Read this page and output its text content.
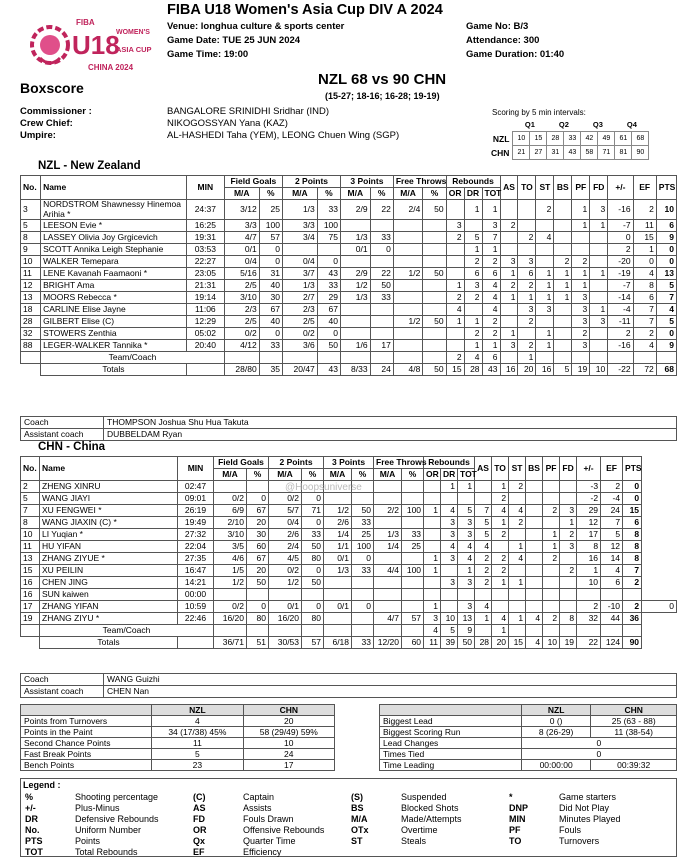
FIBA
U18
WOMEN'S
ASIA CUP
CHINA 2024
FIBA U18 Women's Asia Cup DIV A 2024
Venue: longhua culture & sports center
Game Date: TUE 25 JUN 2024
Game Time: 19:00
Game No: B/3
Attendance: 300
Game Duration: 01:40
NZL 68 vs 90 CHN
(15-27; 18-16; 16-28; 19-19)
Boxscore
Commissioner :	BANGALORE SRINIDHI Sridhar (IND)
Crew Chief:	NIKOGOSSYAN Yana (KAZ)
Umpire:	AL-HASHEDI Taha (YEM), LEONG Chuen Wing (SGP)
Scoring by 5 min intervals:
	Q1		Q2		Q3		Q4	
NZL	10	15	28	33	42	49	61	68
CHN	21	27	31	43	58	71	81	90
NZL - New Zealand
No.	Name	MIN	Field Goals		2 Points		3 Points		Free Throws		Rebounds			AS	TO	ST	BS	PF	FD	+/-	EF	PTS
			M/A	%	M/A	%	M/A	%	M/A	%	OR	DR	TOT									
3	NORDSTROM Shawnessy Hinemoa Arihia *	24:37	3/12	25	1/3	33	2/9	22	2/4	50		1	1			2		1	3	-16	2	10
5	LEESON Evie *	16:25	3/3	100	3/3	100					3		3	2				1	1	-7	11	6
8	LASSEY Olivia Joy Grgicevich	19:31	4/7	57	3/4	75	1/3	33			2	5	7		2	4				0	15	9
9	SCOTT Annika Leigh Stephanie	03:53	0/1	0			0/1	0				1	1							2	1	0
10	WALKER Temepara	22:27	0/4	0	0/4	0						2	2	3	3		2	2		-20	0	0
11	LENE Kavanah Faamaoni *	23:05	5/16	31	3/7	43	2/9	22	1/2	50		6	6	1	6	1	1	1	1	-19	4	13
12	BRIGHT Ama	21:31	2/5	40	1/3	33	1/2	50			1	3	4	2	2	1	1	1		-7	8	5
13	MOORS Rebecca *	19:14	3/10	30	2/7	29	1/3	33			2	2	4	1	1	1	1	3		-14	6	7
18	CARLINE Elise Jayne	11:06	2/3	67	2/3	67					4		4		3	3		3	1	-4	7	4
28	GILBERT Elise (C)	12:29	2/5	40	2/5	40			1/2	50	1	1	2		2			3	3	-11	7	5
32	STOWERS Zenthia	05:02	0/2	0	0/2	0						2	2	1		1		2		2	2	0
88	LEGER-WALKER Tannika *	20:40	4/12	33	3/6	50	1/6	17				1	1	3	2	1		3		-16	4	9
	Team/Coach										2	4	6		1							
	Totals		28/80	35	20/47	43	8/33	24	4/8	50	15	28	43	16	20	16	5	19	10	-22	72	68
Coach	THOMPSON Joshua Shu Hua Takuta
Assistant coach	DUBBELDAM Ryan
CHN - China
No.	Name	MIN	Field Goals		2 Points		3 Points		Free Throws		Rebounds			AS	TO	ST	BS	PF	FD	+/-	EF	PTS	
			M/A	%	M/A	%	M/A	%	M/A	%	OR	DR	TOT										
2	ZHENG XINRU	02:47										1	1		1	2				-3	2	0	
5	WANG JIAYI	09:01	0/2	0	0/2	0									2					-2	-4	0	
7	XU FENGWEI *	26:19	6/9	67	5/7	71	1/2	50	2/2	100	1	4	5	7	4	4		2	3	29	24	15	
8	WANG JIAXIN (C) *	19:49	2/10	20	0/4	0	2/6	33				3	3	5	1	2			1	12	7	6	
10	LI Yuqian *	27:32	3/10	30	2/6	33	1/4	25	1/3	33		3	3	5	2			1	2	17	5	8	
11	HU YIFAN	22:04	3/5	60	2/4	50	1/1	100	1/4	25		4	4	4		1		1	3	8	12	8	
13	ZHANG ZIYUE *	27:35	4/6	67	4/5	80	0/1	0			1	3	4	2	2	4		2		16	14	8	
15	XU PEILIN	16:47	1/5	20	0/2	0	1/3	33	4/4	100	1		1	2	2				2	1	4	7	
16	CHEN JING	14:21	1/2	50	1/2	50						3	3	2	1	1				10	6	2	
16	SUN kaiwen	00:00																					
17	ZHANG YIFAN	10:59	0/2	0	0/1	0	0/1	0			1		3	4						2	-10	2	0
19	ZHANG ZIYU *	22:46	16/20	80	16/20	80			4/7	57	3	10	13	1	4	1	4	2	8	32	44	36	
	Team/Coach										4	5	9		1								
	Totals		36/71	51	30/53	57	6/18	33	12/20	60	11	39	50	28	20	15	4	10	19	22	124	90	
Coach	WANG Guizhi
Assistant coach	CHEN Nan
@Hoopsuniverse
	NZL	CHN
Points from Turnovers	4	20
Points in the Paint	34 (17/38) 45%	58 (29/49) 59%
Second Chance Points	11	10
Fast Break Points	5	24
Bench Points	23	17
	NZL	CHN
Biggest Lead	0 ()	25 (63 - 88)
Biggest Scoring Run	8 (26-29)	11 (38-54)
Lead Changes	0	
Times Tied	0	
Time Leading	00:00:00	00:39:32
Legend :
%	Shooting percentage
+/-	Plus-Minus
DR	Defensive Rebounds
No.	Uniform Number
PTS	Points
TOT	Total Rebounds
(C)	Captain
AS	Assists
FD	Fouls Drawn
OR	Offensive Rebounds
Qx	Quarter Time
EF	Efficiency
(S)	Suspended
BS	Blocked Shots
M/A	Made/Attempts
OTx	Overtime
ST	Steals
*	Game starters
DNP	Did Not Play
MIN	Minutes Played
PF	Fouls
TO	Turnovers
